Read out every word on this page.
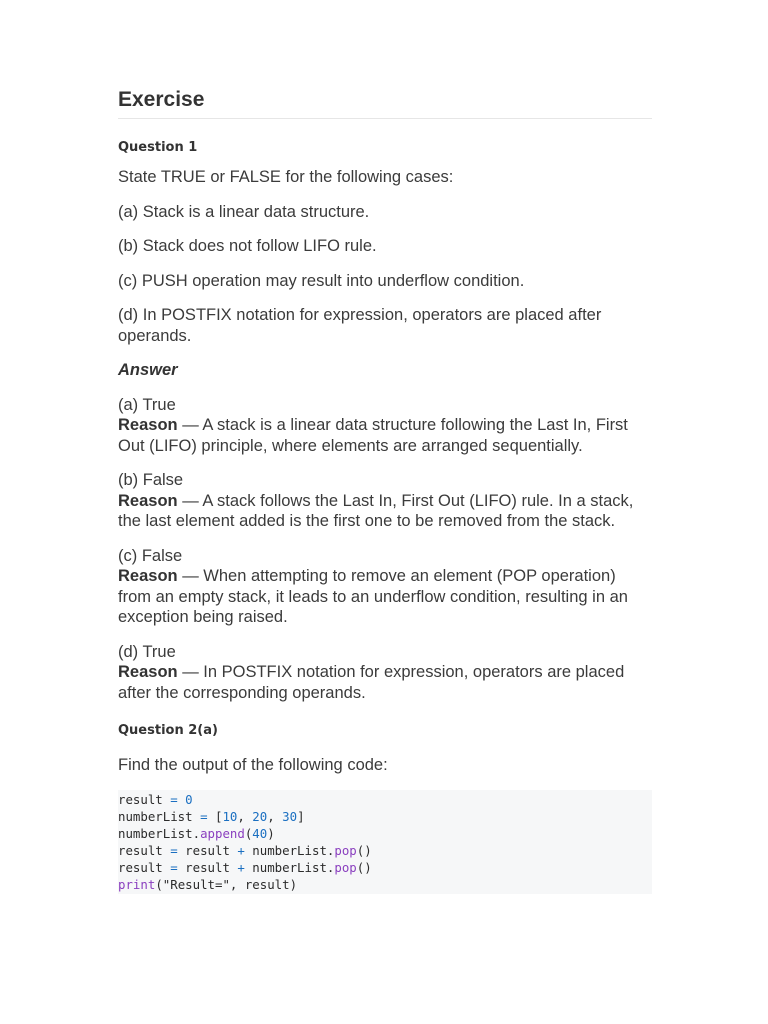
Exercise
Question 1

State TRUE or FALSE for the following cases:

(a) Stack is a linear data structure.

(b) Stack does not follow LIFO rule.

(c) PUSH operation may result into underflow condition.

(d) In POSTFIX notation for expression, operators are placed after operands.

Answer

(a) True
Reason — A stack is a linear data structure following the Last In, First Out (LIFO) principle, where elements are arranged sequentially.

(b) False
Reason — A stack follows the Last In, First Out (LIFO) rule. In a stack, the last element added is the first one to be removed from the stack.

(c) False
Reason — When attempting to remove an element (POP operation) from an empty stack, it leads to an underflow condition, resulting in an exception being raised.

(d) True
Reason — In POSTFIX notation for expression, operators are placed after the corresponding operands.

Question 2(a)

Find the output of the following code:

result = 0
numberList = [10, 20, 30]
numberList.append(40)
result = result + numberList.pop()
result = result + numberList.pop()
print("Result=", result)
